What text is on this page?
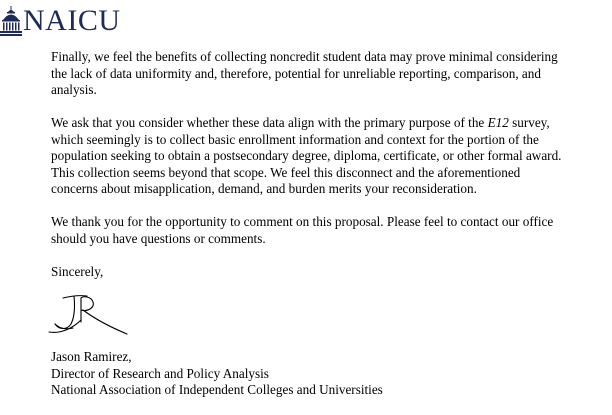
NAICU

Finally, we feel the benefits of collecting noncredit student data may prove minimal considering
the lack of data uniformity and, therefore, potential for unreliable reporting, comparison, and
analysis.

We ask that you consider whether these data align with the primary purpose of the E12 survey,
which seemingly is to collect basic enrollment information and context for the portion of the
population seeking to obtain a postsecondary degree, diploma, certificate, or other formal award.
This collection seems beyond that scope. We feel this disconnect and the aforementioned
concerns about misapplication, demand, and burden merits your reconsideration.

We thank you for the opportunity to comment on this proposal. Please feel to contact our office
should you have questions or comments.

Sincerely,

Jason Ramirez,
Director of Research and Policy Analysis
National Association of Independent Colleges and Universities
